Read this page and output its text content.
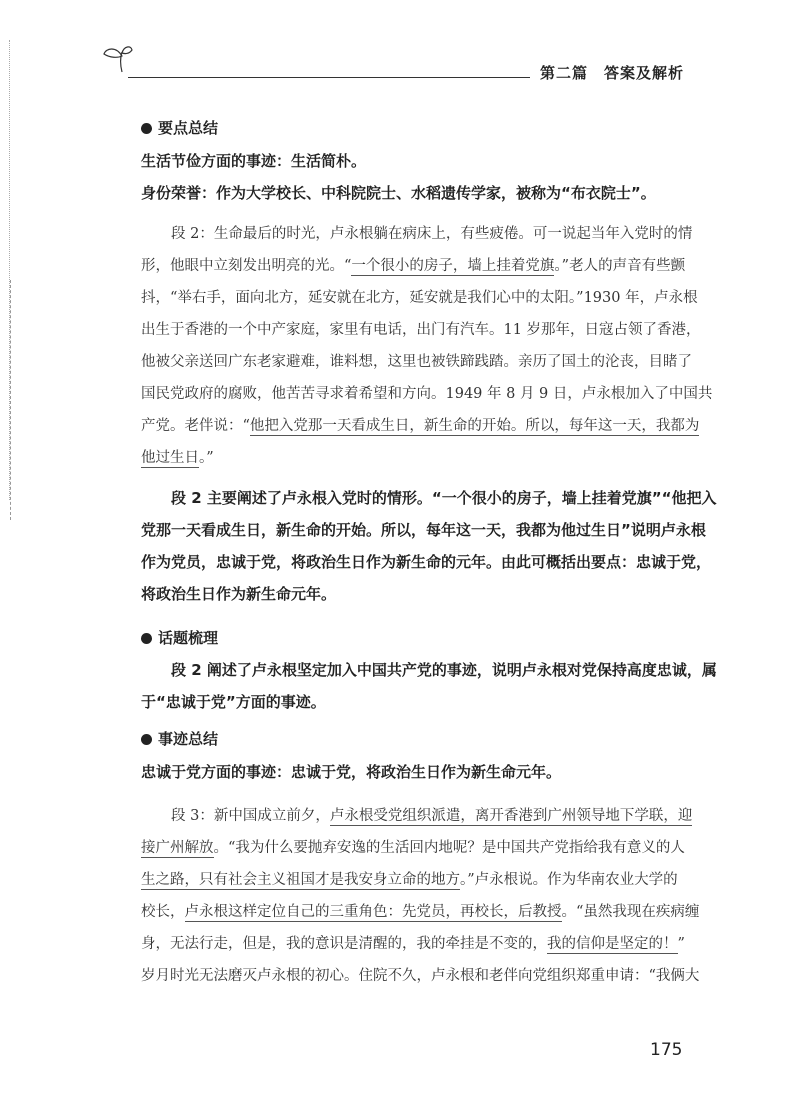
第二篇　答案及解析
要点总结
生活节俭方面的事迹：生活简朴。
身份荣誉：作为大学校长、中科院院士、水稻遗传学家，被称为“布衣院士”。
段 2：生命最后的时光，卢永根躺在病床上，有些疲倦。可一说起当年入党时的情
形，他眼中立刻发出明亮的光。“一个很小的房子，墙上挂着党旗。”老人的声音有些颤
抖，“举右手，面向北方，延安就在北方，延安就是我们心中的太阳。”1930 年，卢永根
出生于香港的一个中产家庭，家里有电话，出门有汽车。11 岁那年，日寇占领了香港，
他被父亲送回广东老家避难，谁料想，这里也被铁蹄践踏。亲历了国土的沦丧，目睹了
国民党政府的腐败，他苦苦寻求着希望和方向。1949 年 8 月 9 日，卢永根加入了中国共
产党。老伴说：“他把入党那一天看成生日，新生命的开始。所以，每年这一天，我都为
他过生日。”
段 2 主要阐述了卢永根入党时的情形。“一个很小的房子，墙上挂着党旗”“他把入
党那一天看成生日，新生命的开始。所以，每年这一天，我都为他过生日”说明卢永根
作为党员，忠诚于党，将政治生日作为新生命的元年。由此可概括出要点：忠诚于党，
将政治生日作为新生命元年。
话题梳理
段 2 阐述了卢永根坚定加入中国共产党的事迹，说明卢永根对党保持高度忠诚，属
于“忠诚于党”方面的事迹。
事迹总结
忠诚于党方面的事迹：忠诚于党，将政治生日作为新生命元年。
段 3：新中国成立前夕，卢永根受党组织派遣，离开香港到广州领导地下学联，迎
接广州解放。“我为什么要抛弃安逸的生活回内地呢？是中国共产党指给我有意义的人
生之路，只有社会主义祖国才是我安身立命的地方。”卢永根说。作为华南农业大学的
校长，卢永根这样定位自己的三重角色：先党员，再校长，后教授。“虽然我现在疾病缠
身，无法行走，但是，我的意识是清醒的，我的牵挂是不变的，我的信仰是坚定的！”
岁月时光无法磨灭卢永根的初心。住院不久，卢永根和老伴向党组织郑重申请：“我俩大
175
